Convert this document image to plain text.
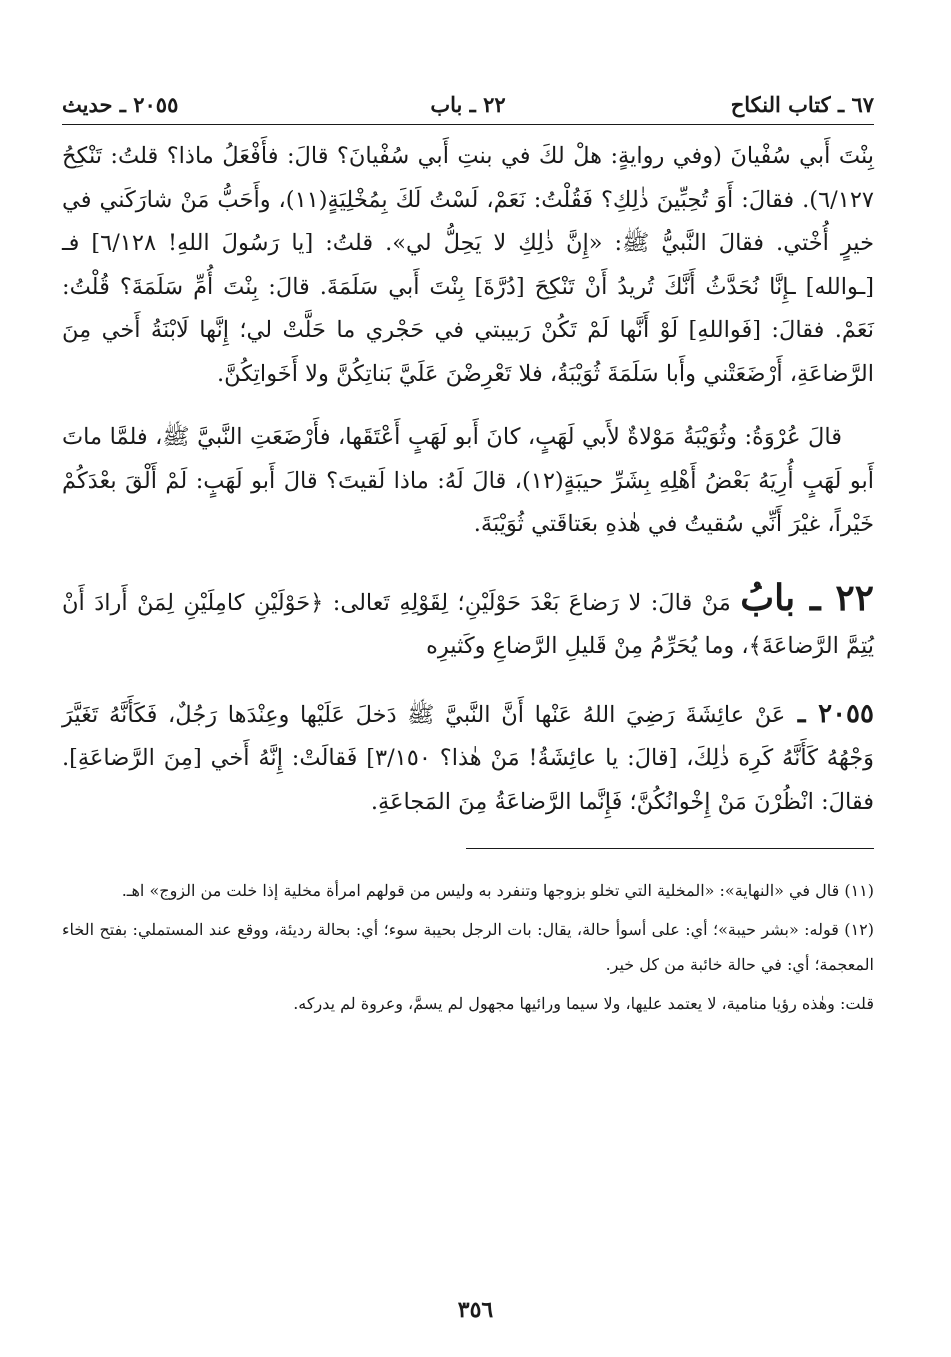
٦٧ ـ كتاب النكاح
٢٢ ـ باب
٢٠٥٥ ـ حديث

بِنْتَ أَبي سُفْيانَ (وفي روايةٍ: هلْ لكَ في بنتِ أَبي سُفْيانَ؟ قالَ: فأَفْعَلُ ماذا؟ قلتُ: تَنْكِحُ ٦/١٢٧). فقالَ: أَوَ تُحِبِّينَ ذٰلِكِ؟ فَقُلْتُ: نَعَمْ، لَسْتُ لَكَ بِمُخْلِيَةٍ(١١)، وأَحَبُّ مَنْ شارَكَني في خيرٍ أُخْتي. فقالَ النَّبيُّ ﷺ: «إِنَّ ذٰلِكِ لا يَحِلُّ لي». قلتُ: [يا رَسُولَ اللهِ! ٦/١٢٨] فـ [ـوالله] ـإِنَّا نُحَدَّثُ أَنَّكَ تُريدُ أَنْ تَنْكِحَ [دُرَّةَ] بِنْتَ أَبي سَلَمَةَ. قالَ: بِنْتَ أُمِّ سَلَمَةَ؟ قُلْتُ: نَعَمْ. فقالَ: [فَواللهِ] لَوْ أَنَّها لَمْ تَكُنْ رَبيبتي في حَجْري ما حَلَّتْ لي؛ إِنَّها لَابْنَةُ أَخي مِنَ الرَّضاعَةِ، أَرْضَعَتْني وأَبا سَلَمَةَ ثُوَيْبَةُ، فلا تَعْرِضْنَ عَلَيَّ بَناتِكُنَّ ولا أَخَواتِكُنَّ.

قالَ عُرْوَةُ: وثُوَيْبَةُ مَوْلاةٌ لأَبي لَهَبٍ، كانَ أَبو لَهَبٍ أَعْتَقَها، فأَرْضَعَتِ النَّبيَّ ﷺ، فلمَّا ماتَ أَبو لَهَبٍ أُرِيَهُ بَعْضُ أَهْلِهِ بِشَرِّ حيبَةٍ(١٢)، قالَ لَهُ: ماذا لَقيتَ؟ قالَ أَبو لَهَبٍ: لَمْ أَلْقَ بعْدَكُمْ خَيْراً، غيْرَ أَنِّي سُقيتُ في هٰذهِ بعَتاقَتي ثُوَيْبَةَ.

٢٢ ـ بابُ مَنْ قالَ: لا رَضاعَ بَعْدَ حَوْلَيْنِ؛ لِقَوْلِهِ تَعالى: ﴿حَوْلَيْنِ كامِلَيْنِ لِمَنْ أَرادَ أَنْ يُتِمَّ الرَّضاعَةَ﴾، وما يُحَرِّمُ مِنْ قَليلِ الرَّضاعِ وكَثيرِه

٢٠٥٥ ـ عَنْ عائِشَةَ رَضِيَ اللهُ عَنْها أَنَّ النَّبيَّ ﷺ دَخلَ عَلَيْها وعِنْدَها رَجُلٌ، فَكَأَنَّهُ تَغَيَّرَ وَجْهُهُ كَأَنَّهُ كَرِهَ ذٰلِكَ، [قالَ: يا عائِشَةُ! مَنْ هٰذا؟ ٣/١٥٠] فَقالَتْ: إِنَّهُ أَخي [مِنَ الرَّضاعَةِ]. فقالَ: انْظُرْنَ مَنْ إِخْوانُكُنَّ؛ فَإِنَّما الرَّضاعَةُ مِنَ المَجاعَةِ.

(١١) قال في «النهاية»: «المخلية التي تخلو بزوجها وتنفرد به وليس من قولهم امرأة مخلية إذا خلت من الزوج» اهـ.

(١٢) قوله: «بشر حيبة»؛ أي: على أسوأ حالة، يقال: بات الرجل بحيبة سوء؛ أي: بحالة رديئة، ووقع عند المستملي: بفتح الخاء المعجمة؛ أي: في حالة خائبة من كل خير.

قلت: وهٰذه رؤيا منامية، لا يعتمد عليها، ولا سيما ورائيها مجهول لم يسمَّ، وعروة لم يدركه.

٣٥٦
